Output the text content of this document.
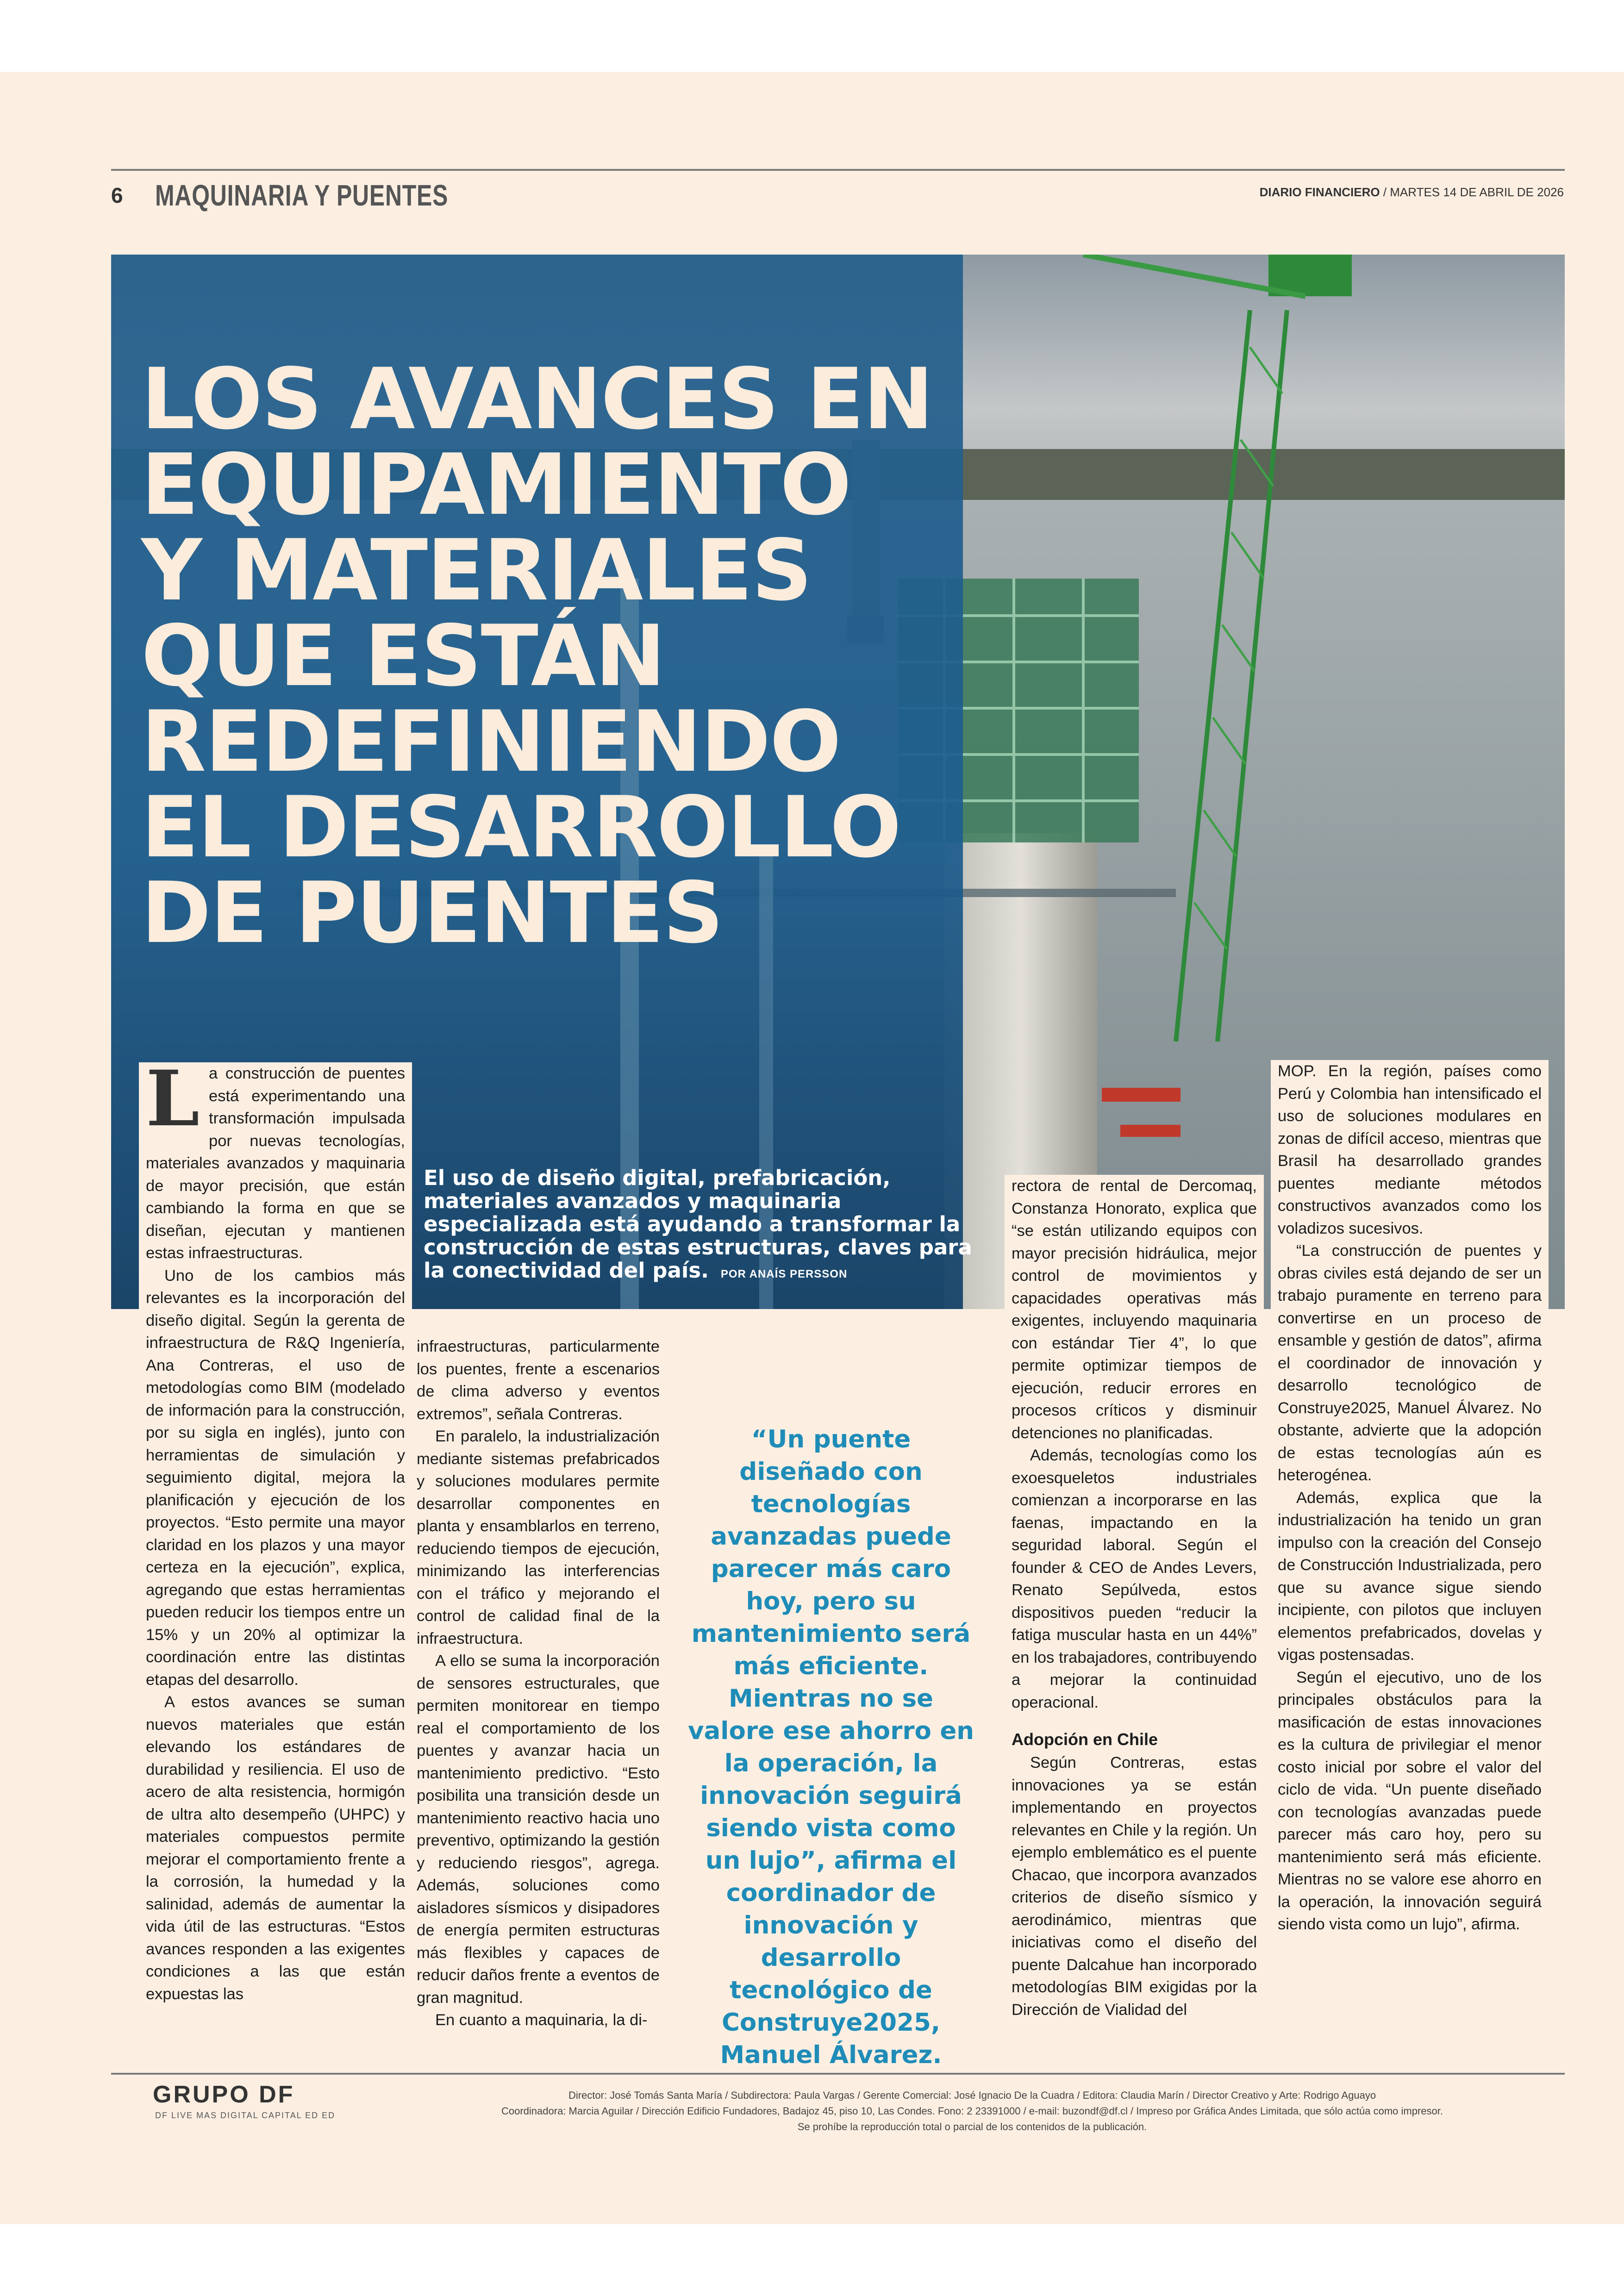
6 MAQUINARIA Y PUENTES	DIARIO FINANCIERO / MARTES 14 DE ABRIL DE 2026
LOS AVANCES EN
EQUIPAMIENTO
Y MATERIALES
QUE ESTÁN
REDEFINIENDO
EL DESARROLLO
DE PUENTES
El uso de diseño digital, prefabricación, materiales avanzados y maquinaria especializada está ayudando a transformar la construcción de estas estructuras, claves para la conectividad del país. POR ANAÍS PERSSON

La construcción de puentes está experimentando una transformación impulsada por nuevas tecnologías, materiales avanzados y maquinaria de mayor precisión, que están cambiando la forma en que se diseñan, ejecutan y mantienen estas infraestructuras.

Uno de los cambios más relevantes es la incorporación del diseño digital. Según la gerenta de infraestructura de R&Q Ingeniería, Ana Contreras, el uso de metodologías como BIM (modelado de información para la construcción, por su sigla en inglés), junto con herramientas de simulación y seguimiento digital, mejora la planificación y ejecución de los proyectos. “Esto permite una mayor claridad en los plazos y una mayor certeza en la ejecución”, explica, agregando que estas herramientas pueden reducir los tiempos entre un 15% y un 20% al optimizar la coordinación entre las distintas etapas del desarrollo.

A estos avances se suman nuevos materiales que están elevando los estándares de durabilidad y resiliencia. El uso de acero de alta resistencia, hormigón de ultra alto desempeño (UHPC) y materiales compuestos permite mejorar el comportamiento frente a la corrosión, la humedad y la salinidad, además de aumentar la vida útil de las estructuras. “Estos avances responden a las exigentes condiciones a las que están expuestas las

infraestructuras, particularmente los puentes, frente a escenarios de clima adverso y eventos extremos”, señala Contreras.

En paralelo, la industrialización mediante sistemas prefabricados y soluciones modulares permite desarrollar componentes en planta y ensamblarlos en terreno, reduciendo tiempos de ejecución, minimizando las interferencias con el tráfico y mejorando el control de calidad final de la infraestructura.

A ello se suma la incorporación de sensores estructurales, que permiten monitorear en tiempo real el comportamiento de los puentes y avanzar hacia un mantenimiento predictivo. “Esto posibilita una transición desde un mantenimiento reactivo hacia uno preventivo, optimizando la gestión y reduciendo riesgos”, agrega. Además, soluciones como aisladores sísmicos y disipadores de energía permiten estructuras más flexibles y capaces de reducir daños frente a eventos de gran magnitud.

En cuanto a maquinaria, la di-

“Un puente diseñado con tecnologías avanzadas puede parecer más caro hoy, pero su mantenimiento será más eficiente. Mientras no se valore ese ahorro en la operación, la innovación seguirá siendo vista como un lujo”, afirma el coordinador de innovación y desarrollo tecnológico de Construye2025, Manuel Álvarez.

rectora de rental de Dercomaq, Constanza Honorato, explica que “se están utilizando equipos con mayor precisión hidráulica, mejor control de movimientos y capacidades operativas más exigentes, incluyendo maquinaria con estándar Tier 4”, lo que permite optimizar tiempos de ejecución, reducir errores en procesos críticos y disminuir detenciones no planificadas.

Además, tecnologías como los exoesqueletos industriales comienzan a incorporarse en las faenas, impactando en la seguridad laboral. Según el founder & CEO de Andes Levers, Renato Sepúlveda, estos dispositivos pueden “reducir la fatiga muscular hasta en un 44%” en los trabajadores, contribuyendo a mejorar la continuidad operacional.

Adopción en Chile

Según Contreras, estas innovaciones ya se están implementando en proyectos relevantes en Chile y la región. Un ejemplo emblemático es el puente Chacao, que incorpora avanzados criterios de diseño sísmico y aerodinámico, mientras que iniciativas como el diseño del puente Dalcahue han incorporado metodologías BIM exigidas por la Dirección de Vialidad del

MOP. En la región, países como Perú y Colombia han intensificado el uso de soluciones modulares en zonas de difícil acceso, mientras que Brasil ha desarrollado grandes puentes mediante métodos constructivos avanzados como los voladizos sucesivos.

“La construcción de puentes y obras civiles está dejando de ser un trabajo puramente en terreno para convertirse en un proceso de ensamble y gestión de datos”, afirma el coordinador de innovación y desarrollo tecnológico de Construye2025, Manuel Álvarez. No obstante, advierte que la adopción de estas tecnologías aún es heterogénea.

Además, explica que la industrialización ha tenido un gran impulso con la creación del Consejo de Construcción Industrializada, pero que su avance sigue siendo incipiente, con pilotos que incluyen elementos prefabricados, dovelas y vigas postensadas.

Según el ejecutivo, uno de los principales obstáculos para la masificación de estas innovaciones es la cultura de privilegiar el menor costo inicial por sobre el valor del ciclo de vida. “Un puente diseñado con tecnologías avanzadas puede parecer más caro hoy, pero su mantenimiento será más eficiente. Mientras no se valore ese ahorro en la operación, la innovación seguirá siendo vista como un lujo”, afirma.

GRUPO DF
DF LIVE MAS DIGITAL CAPITAL ED ED
Director: José Tomás Santa María / Subdirectora: Paula Vargas / Gerente Comercial: José Ignacio De la Cuadra / Editora: Claudia Marín / Director Creativo y Arte: Rodrigo Aguayo
Coordinadora: Marcia Aguilar / Dirección Edificio Fundadores, Badajoz 45, piso 10, Las Condes. Fono: 2 23391000 / e-mail: buzondf@df.cl / Impreso por Gráfica Andes Limitada, que sólo actúa como impresor.
Se prohíbe la reproducción total o parcial de los contenidos de la publicación.
